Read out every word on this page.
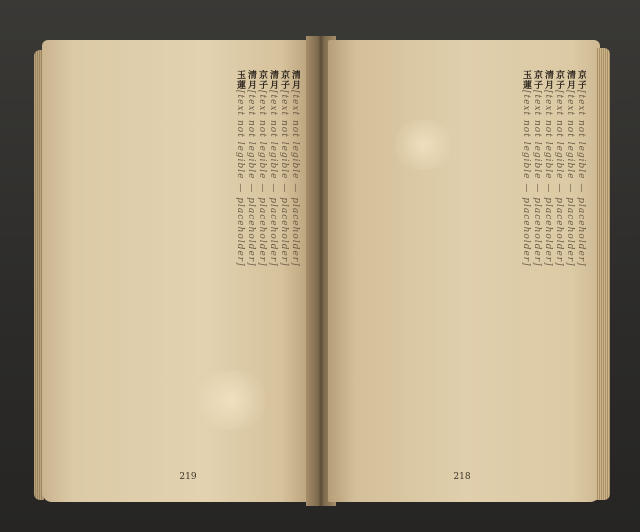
清月[text not legible — placeholder]
京子[text not legible — placeholder]
清月[text not legible — placeholder]
京子[text not legible — placeholder]
清月[text not legible — placeholder]
玉蓮[text not legible — placeholder]
219
京子[text not legible — placeholder]
清月[text not legible — placeholder]
京子[text not legible — placeholder]
清月[text not legible — placeholder]
京子[text not legible — placeholder]
玉蓮[text not legible — placeholder]
218
